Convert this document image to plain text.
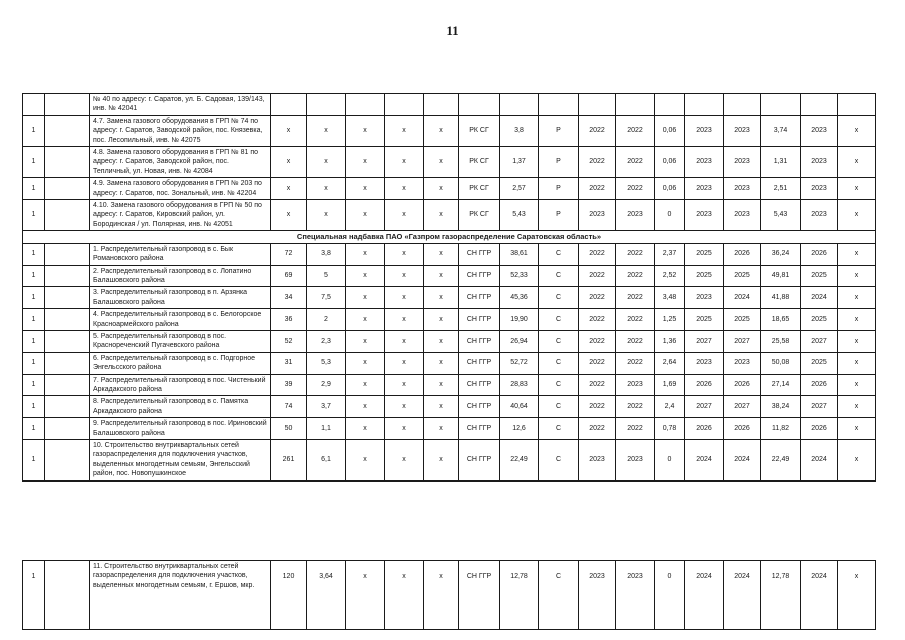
11
		№ 40 по адресу: г. Саратов, ул. Б. Садовая, 139/143, инв. № 42041																
1		4.7. Замена газового оборудования в ГРП № 74 по адресу: г. Саратов, Заводской район, пос. Князевка, пос. Лесопильный, инв. № 42075	x	x	x	x	x	РК СГ	3,8	Р	2022	2022	0,06	2023	2023	3,74	2023	x
1		4.8. Замена газового оборудования в ГРП № 81 по адресу: г. Саратов, Заводской район, пос. Тепличный, ул. Новая, инв. № 42084	x	x	x	x	x	РК СГ	1,37	Р	2022	2022	0,06	2023	2023	1,31	2023	x
1		4.9. Замена газового оборудования в ГРП № 203 по адресу: г. Саратов, пос. Зональный, инв. № 42204	x	x	x	x	x	РК СГ	2,57	Р	2022	2022	0,06	2023	2023	2,51	2023	x
1		4.10. Замена газового оборудования в ГРП № 50 по адресу: г. Саратов, Кировский район, ул. Бородинская / ул. Полярная, инв. № 42051	x	x	x	x	x	РК СГ	5,43	Р	2023	2023	0	2023	2023	5,43	2023	x
Специальная надбавка ПАО «Газпром газораспределение Саратовская область»																		
1		1. Распределительный газопровод в с. Бык Романовского района	72	3,8	x	x	x	СН ГГР	38,61	С	2022	2022	2,37	2025	2026	36,24	2026	x
1		2. Распределительный газопровод в с. Лопатино Балашовского района	69	5	x	x	x	СН ГГР	52,33	С	2022	2022	2,52	2025	2025	49,81	2025	x
1		3. Распределительный газопровод в п. Арзянка Балашовского района	34	7,5	x	x	x	СН ГГР	45,36	С	2022	2022	3,48	2023	2024	41,88	2024	x
1		4. Распределительный газопровод в с. Белогорское Красноармейского района	36	2	x	x	x	СН ГГР	19,90	С	2022	2022	1,25	2025	2025	18,65	2025	x
1		5. Распределительный газопровод в пос. Краснореченский Пугачевского района	52	2,3	x	x	x	СН ГГР	26,94	С	2022	2022	1,36	2027	2027	25,58	2027	x
1		6. Распределительный газопровод в с. Подгорное Энгельсского района	31	5,3	x	x	x	СН ГГР	52,72	С	2022	2022	2,64	2023	2023	50,08	2025	x
1		7. Распределительный газопровод в пос. Чистенький Аркадакского района	39	2,9	x	x	x	СН ГГР	28,83	С	2022	2023	1,69	2026	2026	27,14	2026	x
1		8. Распределительный газопровод в с. Памятка Аркадакского района	74	3,7	x	x	x	СН ГГР	40,64	С	2022	2022	2,4	2027	2027	38,24	2027	x
1		9. Распределительный газопровод в пос. Ириновский Балашовского района	50	1,1	x	x	x	СН ГГР	12,6	С	2022	2022	0,78	2026	2026	11,82	2026	x
1		10. Строительство внутриквартальных сетей газораспределения для подключения участков, выделенных многодетным семьям, Энгельсский район, пос. Новопушкинское	261	6,1	x	x	x	СН ГГР	22,49	С	2023	2023	0	2024	2024	22,49	2024	x
1		11. Строительство внутриквартальных сетей газораспределения для подключения участков, выделенных многодетным семьям, г. Ершов, мкр.	120	3,64	x	x	x	СН ГГР	12,78	С	2023	2023	0	2024	2024	12,78	2024	x
